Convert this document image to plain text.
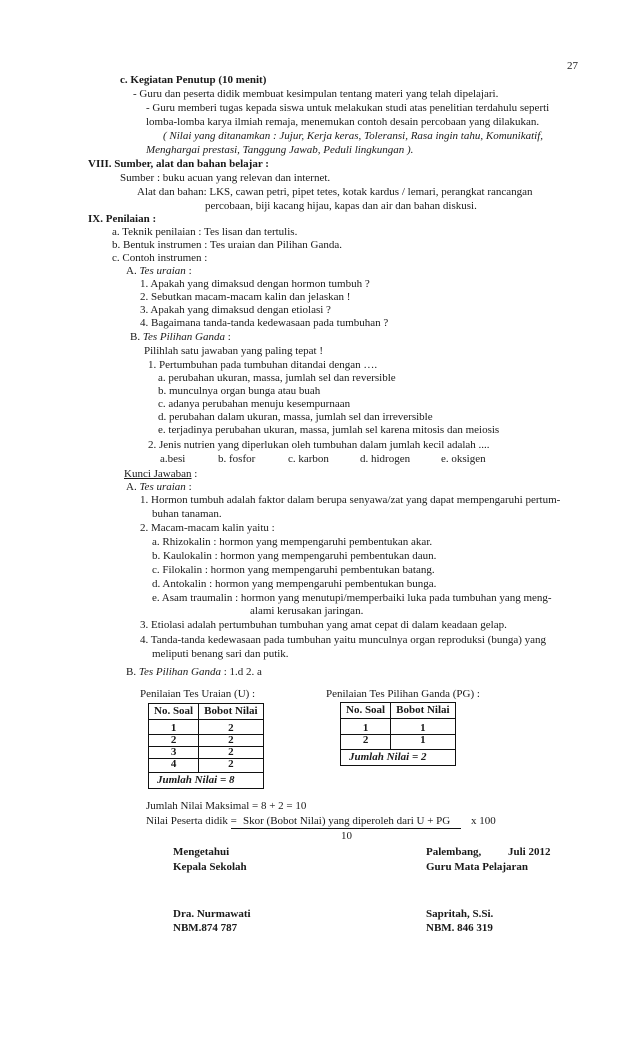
27
c. Kegiatan Penutup (10 menit)
- Guru dan peserta didik membuat kesimpulan tentang materi yang telah dipelajari.
- Guru memberi tugas kepada siswa untuk melakukan studi atas penelitian terdahulu seperti
lomba-lomba karya ilmiah remaja, menemukan contoh desain percobaan yang dilakukan.
( Nilai yang ditanamkan : Jujur, Kerja keras, Toleransi, Rasa ingin tahu, Komunikatif,
Menghargai prestasi, Tanggung Jawab, Peduli lingkungan ).
VIII. Sumber, alat dan bahan belajar :
Sumber : buku acuan yang relevan dan internet.
Alat dan bahan: LKS, cawan petri, pipet tetes, kotak kardus / lemari, perangkat rancangan
percobaan, biji kacang hijau, kapas dan air dan bahan diskusi.
IX. Penilaian :
a. Teknik penilaian : Tes lisan dan tertulis.
b. Bentuk instrumen : Tes uraian dan Pilihan Ganda.
c. Contoh instrumen :
A. Tes uraian :
1. Apakah yang dimaksud dengan hormon tumbuh ?
2. Sebutkan macam-macam kalin dan jelaskan !
3. Apakah yang dimaksud dengan etiolasi ?
4. Bagaimana tanda-tanda kedewasaan pada tumbuhan ?
B. Tes Pilihan Ganda :
Pilihlah satu jawaban yang paling tepat !
1. Pertumbuhan pada tumbuhan ditandai dengan ….
a. perubahan ukuran, massa, jumlah sel dan reversible
b. munculnya organ bunga atau buah
c. adanya perubahan menuju kesempurnaan
d. perubahan dalam ukuran, massa, jumlah sel dan irreversible
e. terjadinya perubahan ukuran, massa, jumlah sel karena mitosis dan meiosis
2. Jenis nutrien yang diperlukan oleh tumbuhan dalam jumlah kecil adalah ....
a.besi	b. fosfor	c. karbon	d. hidrogen	e. oksigen
Kunci Jawaban :
A. Tes uraian :
1. Hormon tumbuh adalah faktor dalam berupa senyawa/zat yang dapat mempengaruhi pertum-
buhan tanaman.
2. Macam-macam kalin yaitu :
a. Rhizokalin : hormon yang mempengaruhi pembentukan akar.
b. Kaulokalin : hormon yang mempengaruhi pembentukan daun.
c. Filokalin : hormon yang mempengaruhi pembentukan batang.
d. Antokalin : hormon yang mempengaruhi pembentukan bunga.
e. Asam traumalin : hormon yang menutupi/memperbaiki luka pada tumbuhan yang meng-
alami kerusakan jaringan.
3. Etiolasi adalah pertumbuhan tumbuhan yang amat cepat di dalam keadaan gelap.
4. Tanda-tanda kedewasaan pada tumbuhan yaitu munculnya organ reproduksi (bunga) yang
meliputi benang sari dan putik.
B. Tes Pilihan Ganda : 1.d 2. a
Penilaian Tes Uraian (U) :	Penilaian Tes Pilihan Ganda (PG) :
No. Soal	Bobot Nilai
1	2
2	2
3	2
4	2
Jumlah Nilai = 8	
No. Soal	Bobot Nilai
1	1
2	1
Jumlah Nilai = 2	
Jumlah Nilai Maksimal = 8 + 2 = 10
Nilai Peserta didik = Skor (Bobot Nilai) yang diperoleh dari U + PG x 100
10
Mengetahui
Kepala Sekolah
Dra. Nurmawati
NBM.874 787
Palembang, Juli 2012
Guru Mata Pelajaran
Sapritah, S.Si.
NBM. 846 319
